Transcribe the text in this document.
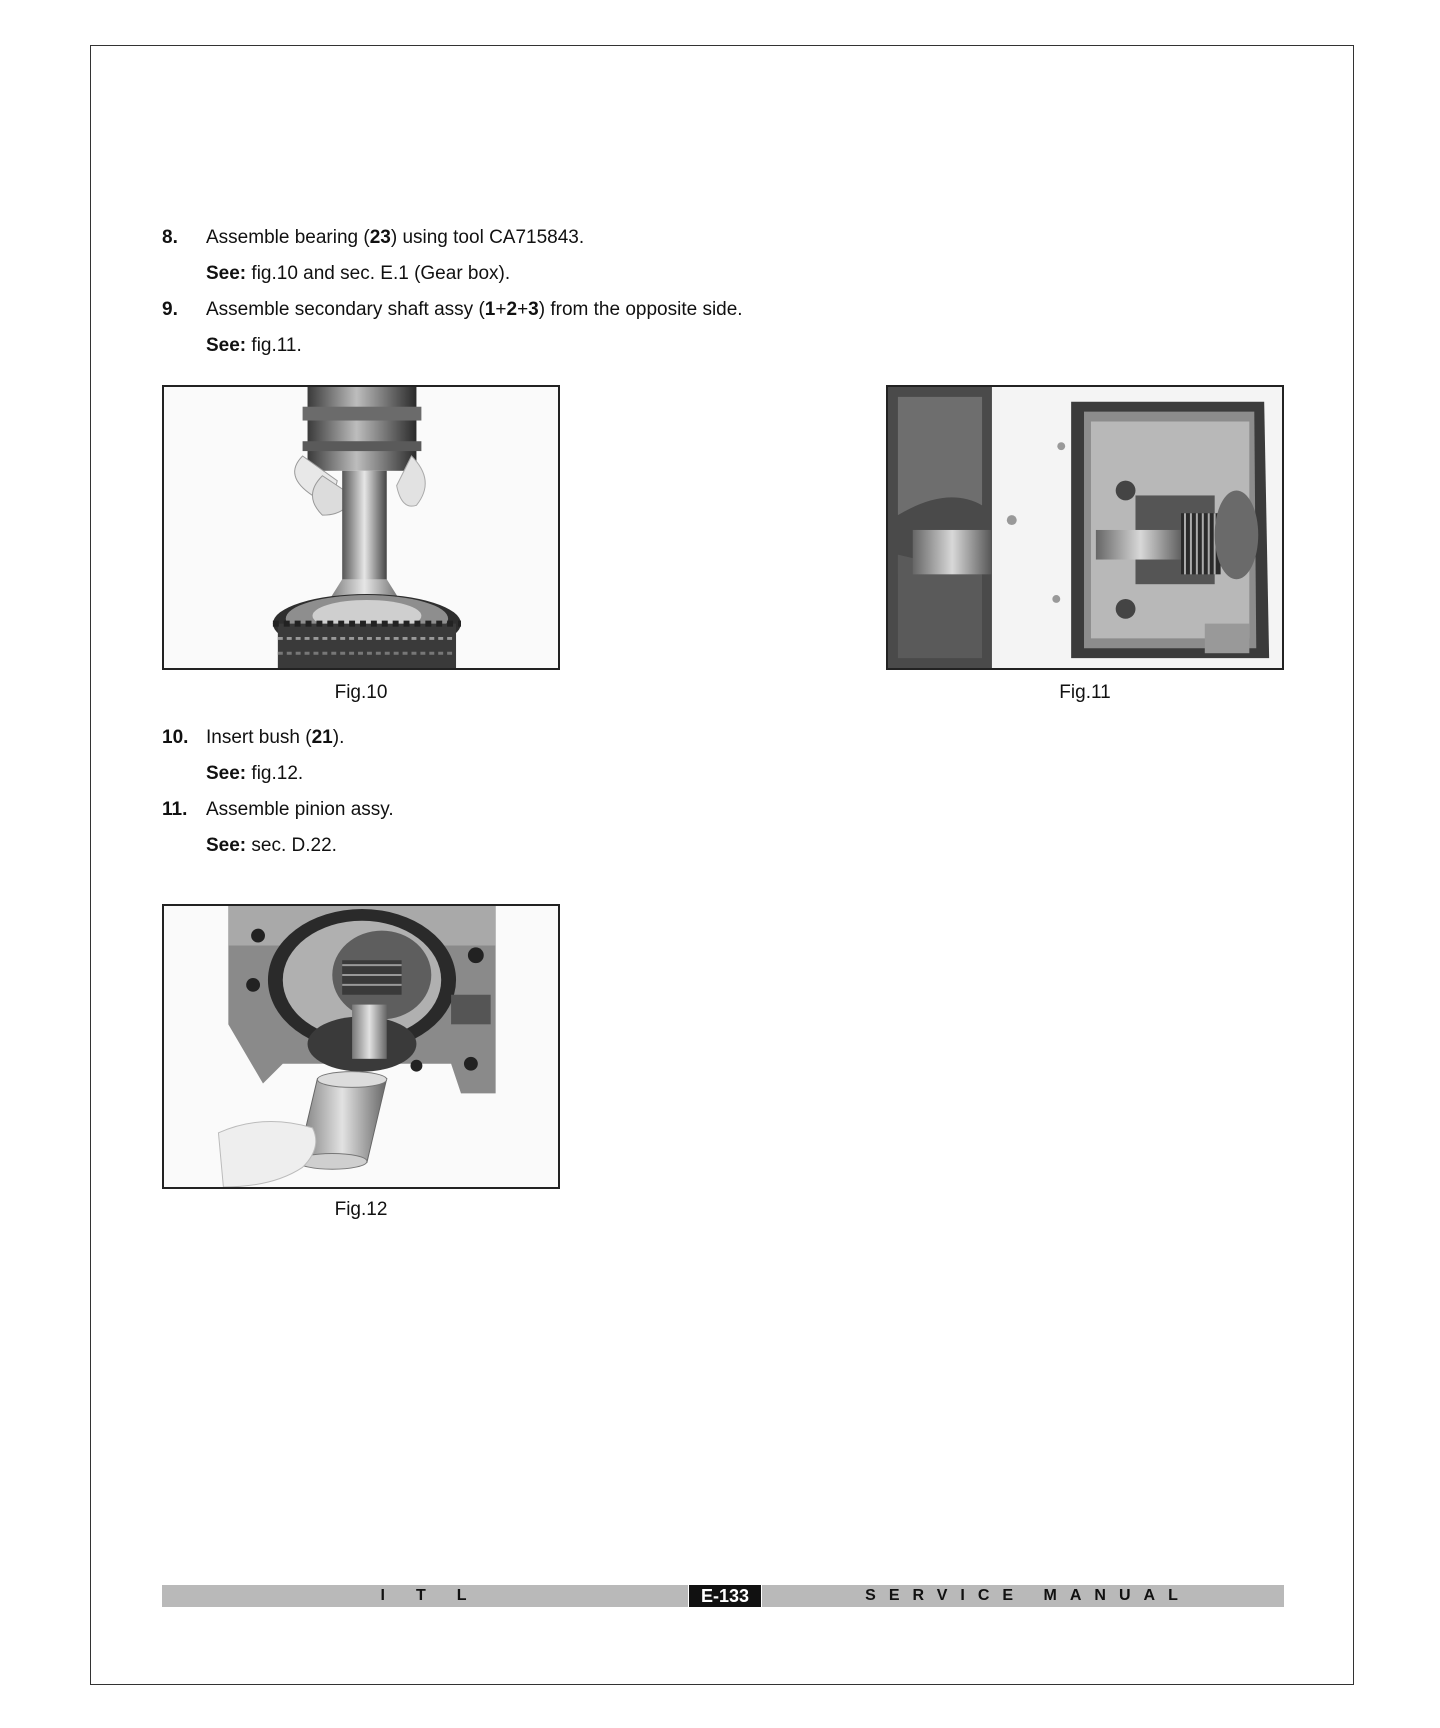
8. Assemble bearing (23) using tool CA715843.
See: fig.10 and sec. E.1 (Gear box).
9. Assemble secondary shaft assy (1+2+3) from the opposite side.
See: fig.11.
Fig.10	Fig.11
10. Insert bush (21).
See: fig.12.
11. Assemble pinion assy.
See: sec. D.22.
Fig.12
ITL	E-133	SERVICE MANUAL
